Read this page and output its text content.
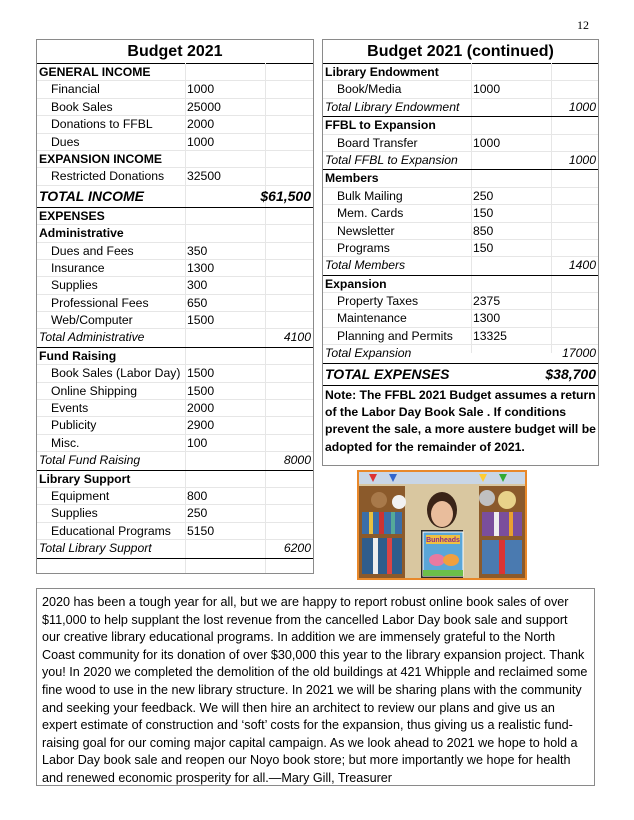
12
Budget 2021
GENERAL INCOME
Financial	1000
Book Sales	25000
Donations to FFBL	2000
Dues	1000
EXPANSION INCOME
Restricted Donations 32500
TOTAL INCOME	$61,500
EXPENSES
Administrative
Dues and Fees	350
Insurance	1300
Supplies	300
Professional Fees	650
Web/Computer	1500
Total Administrative	4100
Fund Raising
Book Sales (Labor Day) 1500
Online Shipping	1500
Events	2000
Publicity	2900
Misc.	100
Total Fund Raising	8000
Library Support
Equipment	800
Supplies	250
Educational Programs 5150
Total Library Support	6200
Budget 2021 (continued)
Library Endowment
Book/Media	1000
Total Library Endowment	1000
FFBL to Expansion
Board Transfer	1000
Total FFBL to Expansion	1000
Members
Bulk Mailing	250
Mem. Cards	150
Newsletter	850
Programs	150
Total Members	1400
Expansion
Property Taxes	2375
Maintenance	1300
Planning and Permits 13325
Total Expansion	17000
TOTAL EXPENSES	$38,700
Note: The FFBL 2021 Budget assumes a return of the Labor Day Book Sale . If conditions prevent the sale, a more austere budget will be adopted for the remainder of 2021.
Bunheads
2020 has been a tough year for all, but we are happy to report robust online book sales of over $11,000 to help supplant the lost revenue from the cancelled Labor Day book sale and support our creative library educational programs. In addition we are immensely grateful to the North Coast community for its donation of over $30,000 this year to the library expansion project. Thank you! In 2020 we completed the demolition of the old buildings at 421 Whipple and reclaimed some fine wood to use in the new library structure. In 2021 we will be sharing plans with the community and seeking your feedback. We will then hire an architect to review our plans and give us an expert estimate of construction and ‘soft’ costs for the expansion, thus giving us a realistic fund-raising goal for our coming major capital campaign. As we look ahead to 2021 we hope to hold a Labor Day book sale and reopen our Noyo book store; but more importantly we hope for health and renewed economic prosperity for all.—Mary Gill, Treasurer
